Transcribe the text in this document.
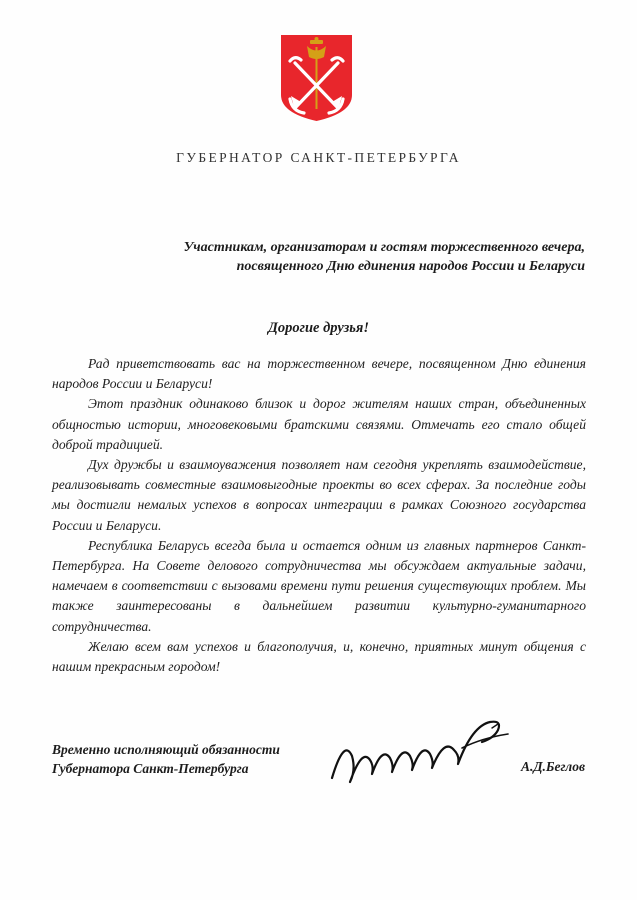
ГУБЕРНАТОР САНКТ-ПЕТЕРБУРГА
Участникам, организаторам и гостям торжественного вечера,
посвященного Дню единения народов России и Беларуси
Дорогие друзья!

Рад приветствовать вас на торжественном вечере, посвященном Дню единения народов России и Беларуси!

Этот праздник одинаково близок и дорог жителям наших стран, объединенных общностью истории, многовековыми братскими связями. Отмечать его стало общей доброй традицией.

Дух дружбы и взаимоуважения позволяет нам сегодня укреплять взаимодействие, реализовывать совместные взаимовыгодные проекты во всех сферах. За последние годы мы достигли немалых успехов в вопросах интеграции в рамках Союзного государства России и Беларуси.

Республика Беларусь всегда была и остается одним из главных партнеров Санкт-Петербурга. На Совете делового сотрудничества мы обсуждаем актуальные задачи, намечаем в соответствии с вызовами времени пути решения существующих проблем. Мы также заинтересованы в дальнейшем развитии культурно-гуманитарного сотрудничества.

Желаю всем вам успехов и благополучия, и, конечно, приятных минут общения с нашим прекрасным городом!

Временно исполняющий обязанности
Губернатора Санкт-Петербурга	А.Д.Беглов
